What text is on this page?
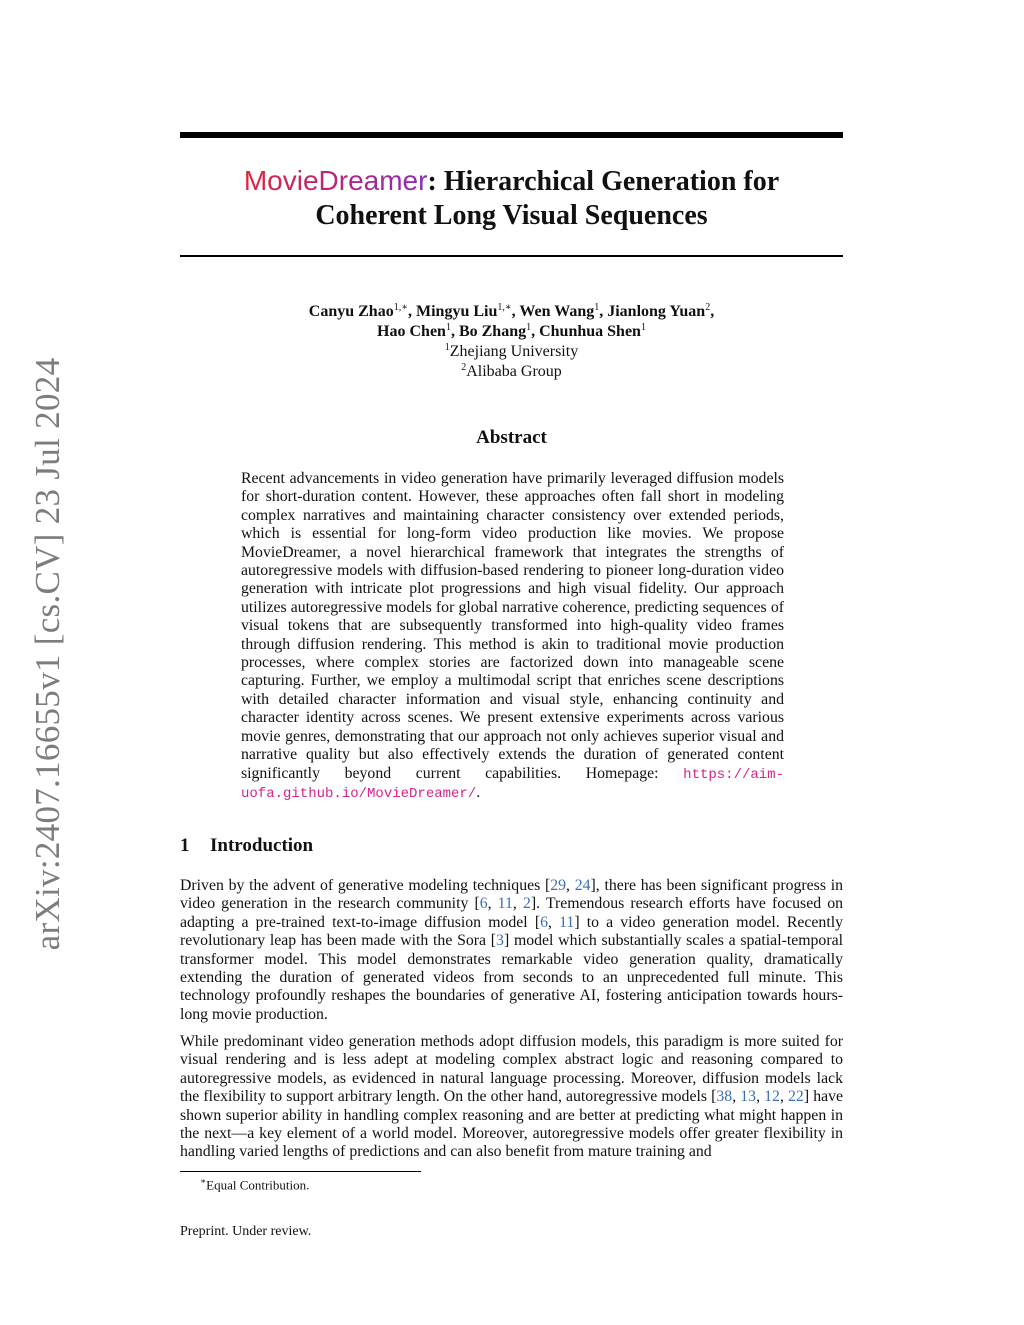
arXiv:2407.16655v1 [cs.CV] 23 Jul 2024
MovieDreamer: Hierarchical Generation for
Coherent Long Visual Sequences
Canyu Zhao$^{1,∗}$, Mingyu Liu$^{1,∗}$, Wen Wang$^1$, Jianlong Yuan$^2$,
Hao Chen$^1$, Bo Zhang$^1$, Chunhua Shen$^1$
$^1$Zhejiang University
$^2$Alibaba Group
Abstract
Recent advancements in video generation have primarily leveraged diffusion models for short-duration content. However, these approaches often fall short in modeling complex narratives and maintaining character consistency over extended periods, which is essential for long-form video production like movies. We propose MovieDreamer, a novel hierarchical framework that integrates the strengths of autoregressive models with diffusion-based rendering to pioneer long-duration video generation with intricate plot progressions and high visual fidelity. Our approach utilizes autoregressive models for global narrative coherence, predicting sequences of visual tokens that are subsequently transformed into high-quality video frames through diffusion rendering. This method is akin to traditional movie production processes, where complex stories are factorized down into manageable scene capturing. Further, we employ a multimodal script that enriches scene descriptions with detailed character information and visual style, enhancing continuity and character identity across scenes. We present extensive experiments across various movie genres, demonstrating that our approach not only achieves superior visual and narrative quality but also effectively extends the duration of generated content significantly beyond current capabilities. Homepage: https://aim-uofa.github.io/MovieDreamer/.
1 Introduction
Driven by the advent of generative modeling techniques [29, 24], there has been significant progress in video generation in the research community [6, 11, 2]. Tremendous research efforts have focused on adapting a pre-trained text-to-image diffusion model [6, 11] to a video generation model. Recently revolutionary leap has been made with the Sora [3] model which substantially scales a spatial-temporal transformer model. This model demonstrates remarkable video generation quality, dramatically extending the duration of generated videos from seconds to an unprecedented full minute. This technology profoundly reshapes the boundaries of generative AI, fostering anticipation towards hours-long movie production.
While predominant video generation methods adopt diffusion models, this paradigm is more suited for visual rendering and is less adept at modeling complex abstract logic and reasoning compared to autoregressive models, as evidenced in natural language processing. Moreover, diffusion models lack the flexibility to support arbitrary length. On the other hand, autoregressive models [38, 13, 12, 22] have shown superior ability in handling complex reasoning and are better at predicting what might happen in the next—a key element of a world model. Moreover, autoregressive models offer greater flexibility in handling varied lengths of predictions and can also benefit from mature training and
∗Equal Contribution.
Preprint. Under review.
